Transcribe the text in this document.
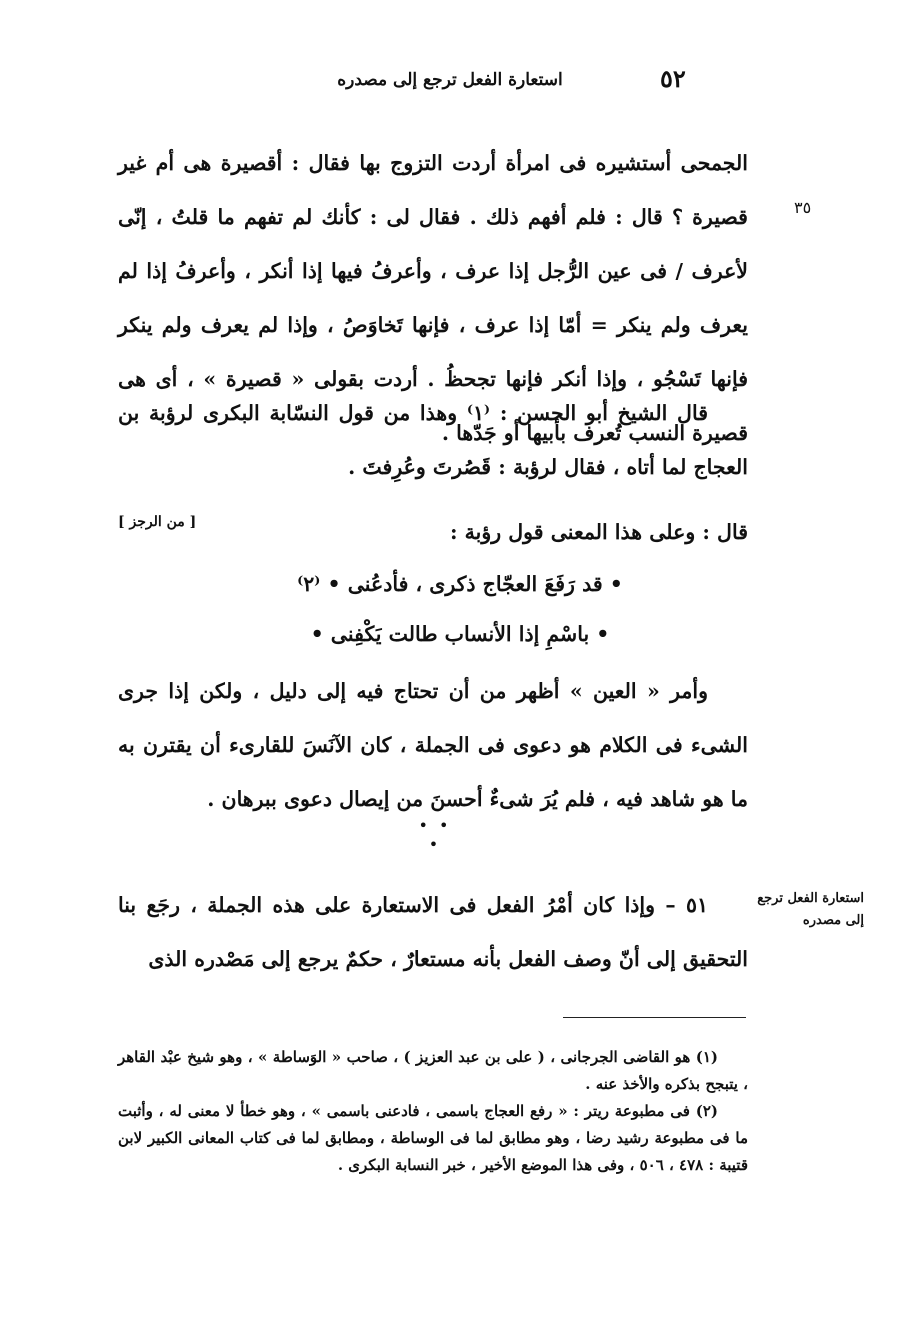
٥٢
استعارة الفعل ترجع إلى مصدره
٣٥

الجمحى أستشيره فى امرأة أردت التزوج بها فقال : أقصيرة هى أم غير قصيرة ؟ قال : فلم أفهم ذلك . فقال لى : كأنك لم تفهم ما قلتُ ، إنّى لأعرف / فى عين الرُّجل إذا عرف ، وأعرفُ فيها إذا أنكر ، وأعرفُ إذا لم يعرف ولم ينكر = أمّا إذا عرف ، فإنها تَخاوَصُ ، وإذا لم يعرف ولم ينكر فإنها تَسْجُو ، وإذا أنكر فإنها تجحظُ . أردت بقولى « قصيرة » ، أى هى قصيرة النسب تُعرف بأبيها أو جَدّها .

قال الشيخ أبو الحسن : ⁽١⁾ وهذا من قول النسّابة البكرى لرؤبة بن العجاج لما أتاه ، فقال لرؤبة : قَصُرتَ وعُرِفتَ .

قال : وعلى هذا المعنى قول رؤبة :

[ من الرجز ]
• قد رَفَعَ العجّاج ذكرى ، فأدعُنى • ⁽٢⁾
• باسْمِ إذا الأنساب طالت يَكْفِنى •

وأمر « العين » أظهر من أن تحتاج فيه إلى دليل ، ولكن إذا جرى الشىء فى الكلام هو دعوى فى الجملة ، كان الآنَسَ للقارىء أن يقترن به ما هو شاهد فيه ، فلم يُرَ شىءٌ أحسنَ من إيصال دعوى ببرهان .

• • •
استعارة الفعل ترجع
إلى مصدره

٥١ – وإذا كان أمْرُ الفعل فى الاستعارة على هذه الجملة ، رجَع بنا التحقيق إلى أنّ وصف الفعل بأنه مستعارٌ ، حكمٌ يرجع إلى مَصْدره الذى

(١) هو القاضى الجرجانى ، ( على بن عبد العزيز ) ، صاحب « الوَساطة » ، وهو شيخ عبْد القاهر ، يتبجح بذكره والأخذ عنه .

(٢) فى مطبوعة ريتر : « رفع العجاج باسمى ، فادعنى باسمى » ، وهو خطأ لا معنى له ، وأثبت ما فى مطبوعة رشيد رضا ، وهو مطابق لما فى الوساطة ، ومطابق لما فى كتاب المعانى الكبير لابن قتيبة : ٤٧٨ ، ٥٠٦ ، وفى هذا الموضع الأخير ، خبر النسابة البكرى .
